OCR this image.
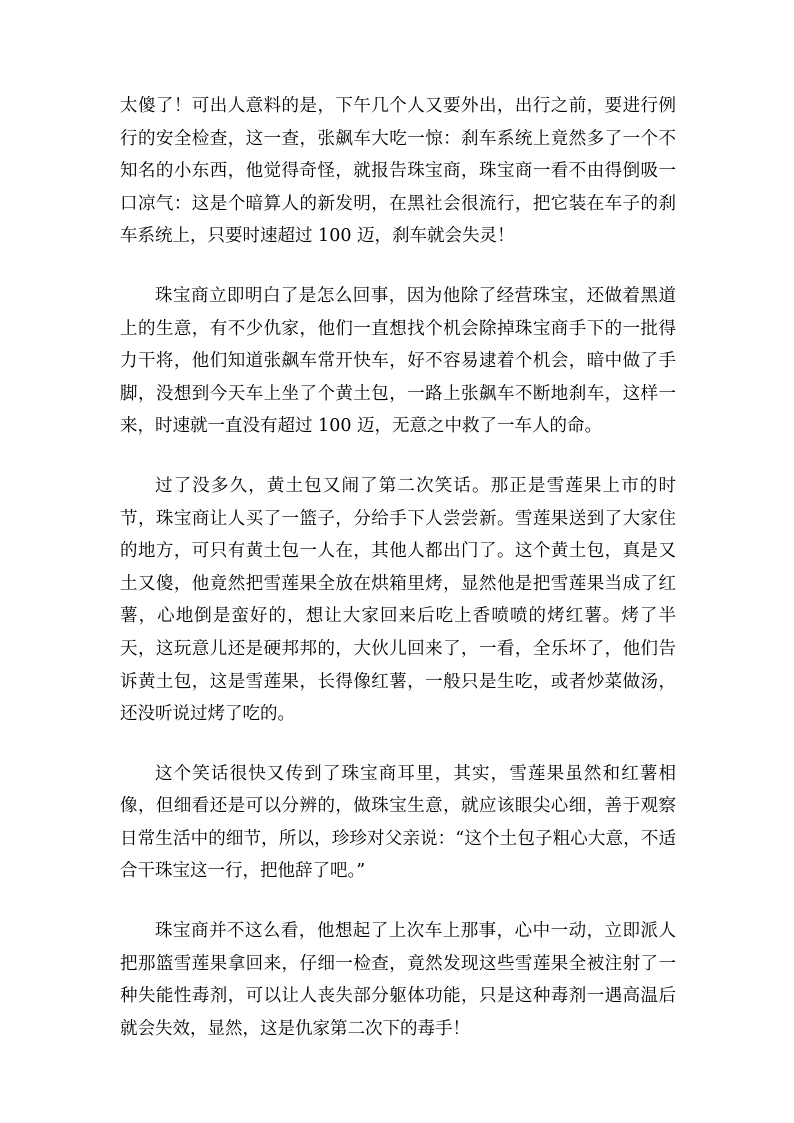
太傻了！可出人意料的是，下午几个人又要外出，出行之前，要进行例行的安全检查，这一查，张飙车大吃一惊：刹车系统上竟然多了一个不知名的小东西，他觉得奇怪，就报告珠宝商，珠宝商一看不由得倒吸一口凉气：这是个暗算人的新发明，在黑社会很流行，把它装在车子的刹车系统上，只要时速超过 100 迈，刹车就会失灵！

珠宝商立即明白了是怎么回事，因为他除了经营珠宝，还做着黑道上的生意，有不少仇家，他们一直想找个机会除掉珠宝商手下的一批得力干将，他们知道张飙车常开快车，好不容易逮着个机会，暗中做了手脚，没想到今天车上坐了个黄土包，一路上张飙车不断地刹车，这样一来，时速就一直没有超过 100 迈，无意之中救了一车人的命。

过了没多久，黄土包又闹了第二次笑话。那正是雪莲果上市的时节，珠宝商让人买了一篮子，分给手下人尝尝新。雪莲果送到了大家住的地方，可只有黄土包一人在，其他人都出门了。这个黄土包，真是又土又傻，他竟然把雪莲果全放在烘箱里烤，显然他是把雪莲果当成了红薯，心地倒是蛮好的，想让大家回来后吃上香喷喷的烤红薯。烤了半天，这玩意儿还是硬邦邦的，大伙儿回来了，一看，全乐坏了，他们告诉黄土包，这是雪莲果，长得像红薯，一般只是生吃，或者炒菜做汤，还没听说过烤了吃的。

这个笑话很快又传到了珠宝商耳里，其实，雪莲果虽然和红薯相像，但细看还是可以分辨的，做珠宝生意，就应该眼尖心细，善于观察日常生活中的细节，所以，珍珍对父亲说：“这个土包子粗心大意，不适合干珠宝这一行，把他辞了吧。”

珠宝商并不这么看，他想起了上次车上那事，心中一动，立即派人把那篮雪莲果拿回来，仔细一检查，竟然发现这些雪莲果全被注射了一种失能性毒剂，可以让人丧失部分躯体功能，只是这种毒剂一遇高温后就会失效，显然，这是仇家第二次下的毒手！
